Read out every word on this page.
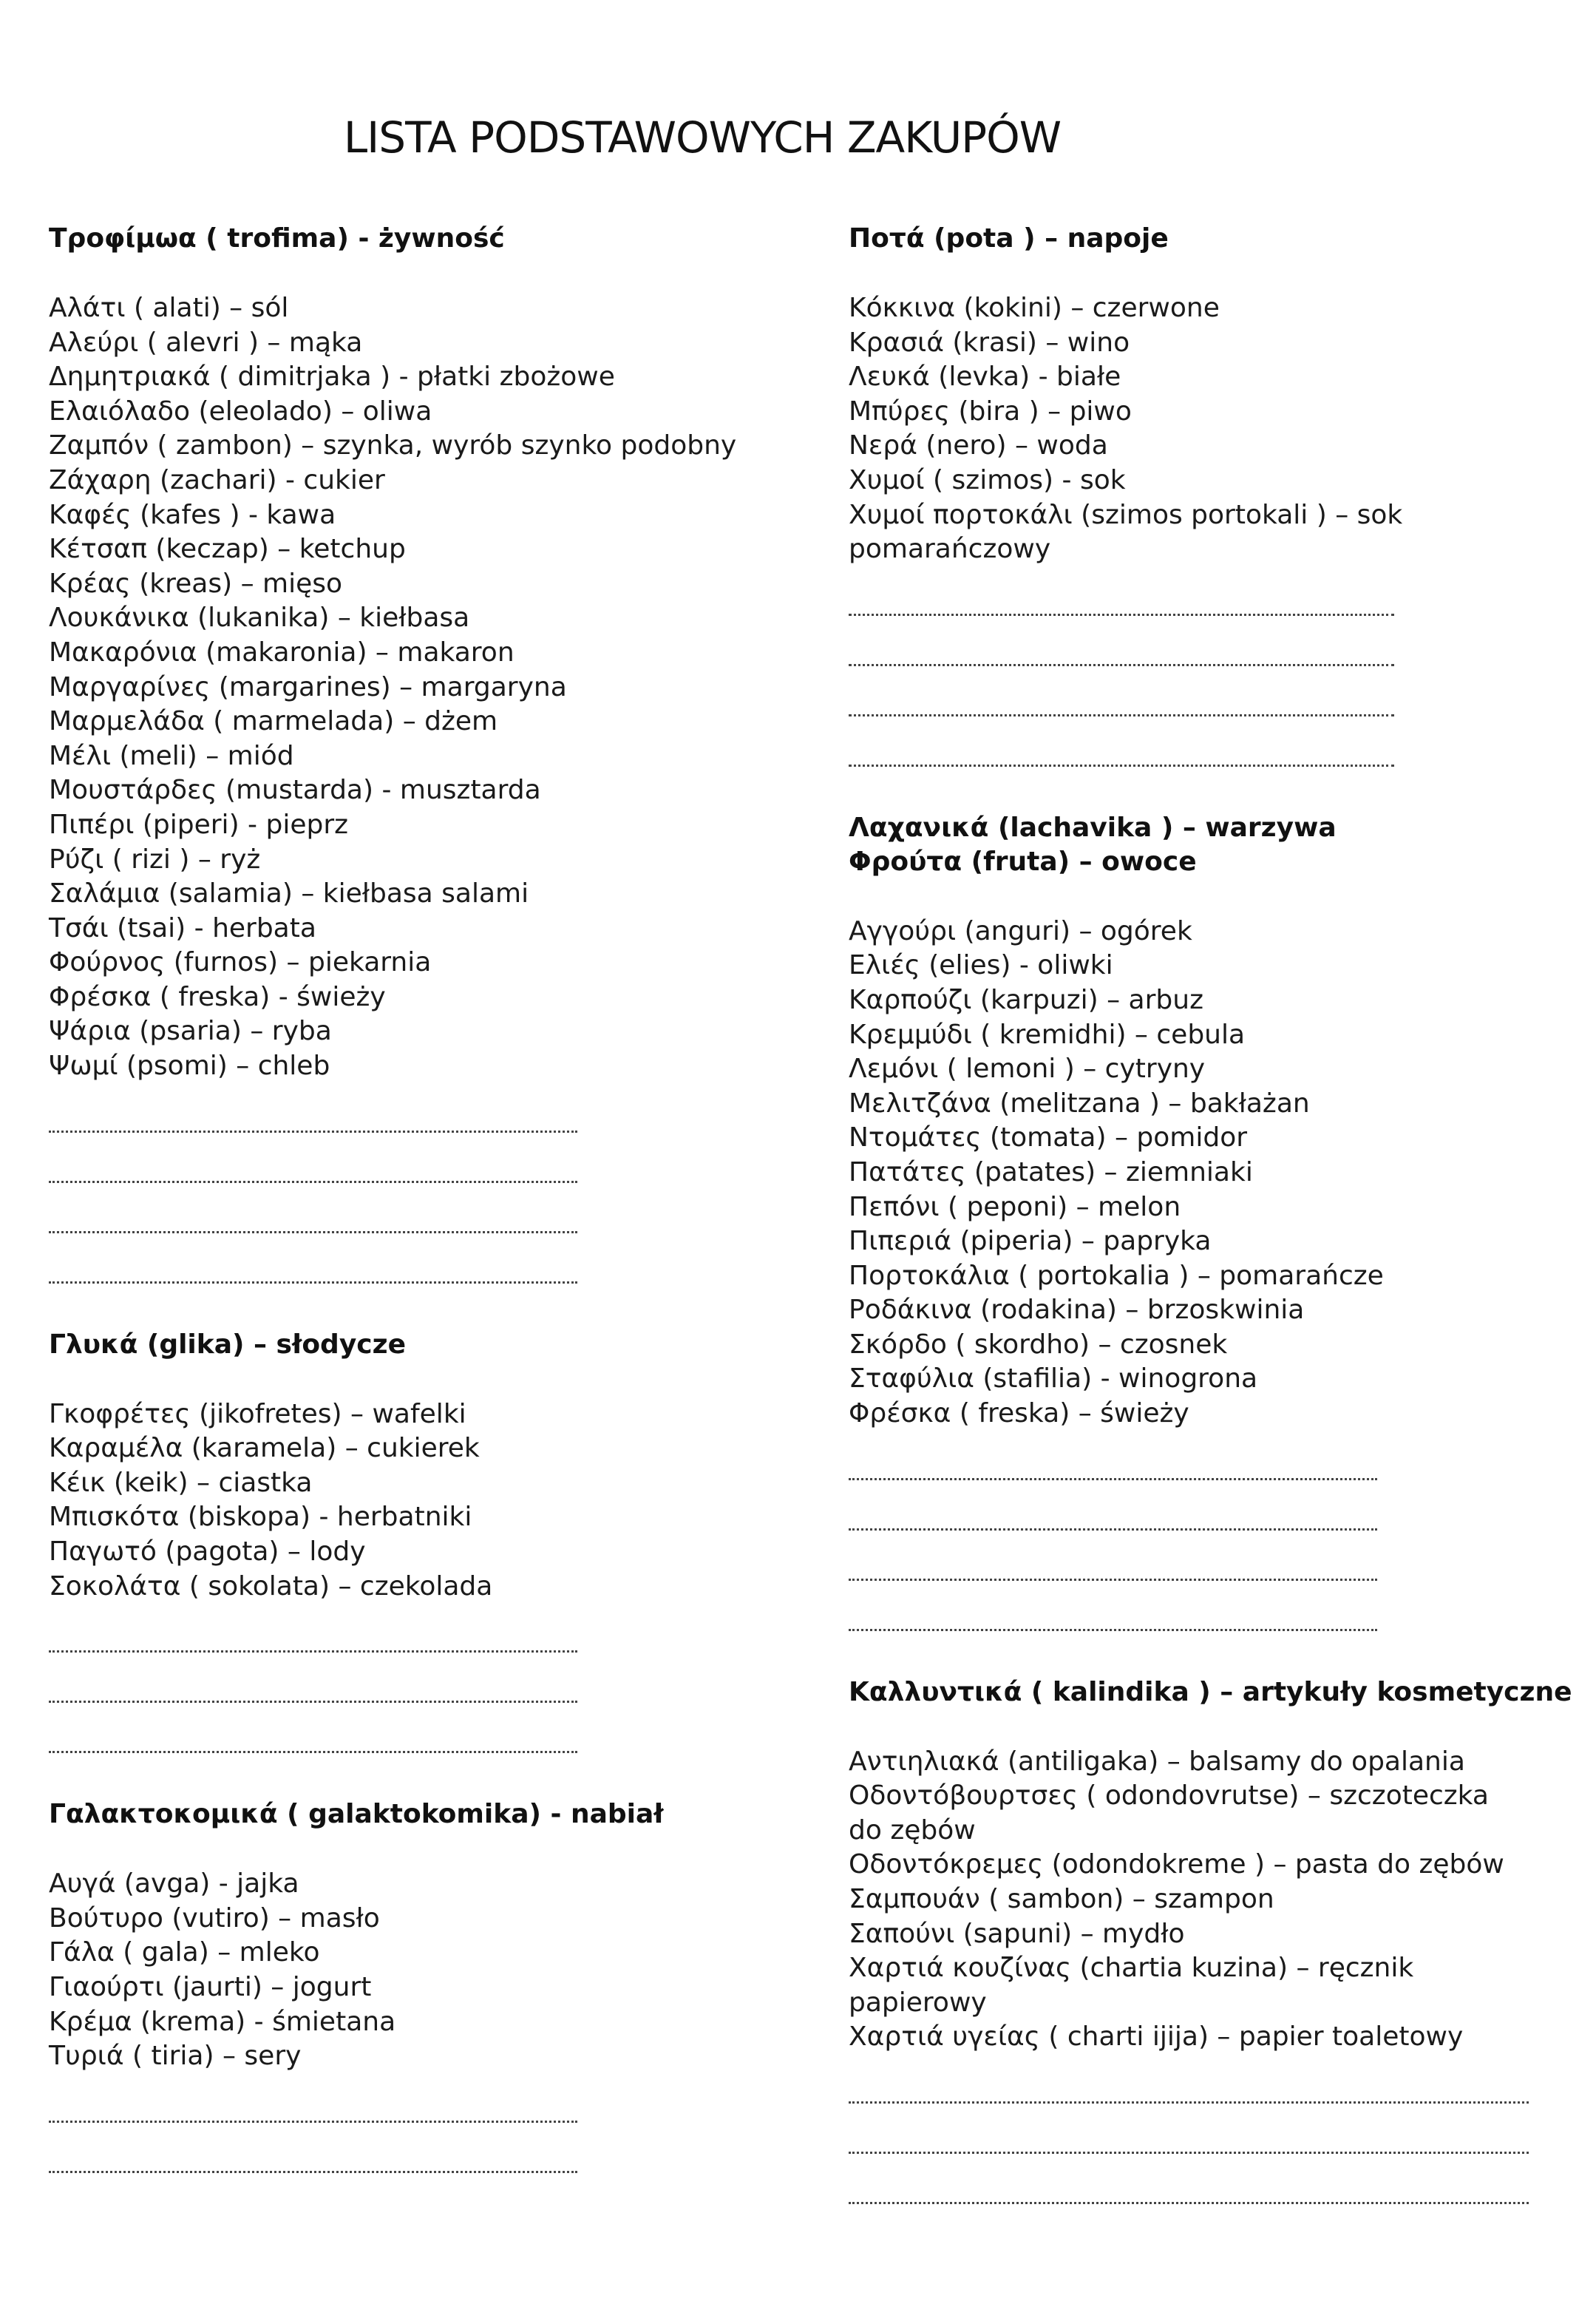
LISTA PODSTAWOWYCH ZAKUPÓW
Τροφίμωα ( trofima) - żywność
Αλάτι ( alati) – sól
Αλεύρι ( alevri ) – mąka
Δημητριακά ( dimitrjaka ) - płatki zbożowe
Ελαιόλαδο (eleolado) – oliwa
Ζαμπόν ( zambon) – szynka, wyrób szynko podobny
Ζάχαρη (zachari) - cukier
Καφές (kafes ) - kawa
Κέτσαπ (keczap) – ketchup
Κρέας (kreas) – mięso
Λουκάνικα (lukanika) – kiełbasa
Μακαρόνια (makaronia) – makaron
Μαργαρίνες (margarines) – margaryna
Μαρμελάδα ( marmelada) – dżem
Μέλι (meli) – miód
Μουστάρδες (mustarda) - musztarda
Πιπέρι (piperi) - pieprz
Ρύζι ( rizi ) – ryż
Σαλάμια (salamia) – kiełbasa salami
Τσάι (tsai) - herbata
Φούρνος (furnos) – piekarnia
Φρέσκα ( freska) - świeży
Ψάρια (psaria) – ryba
Ψωμί (psomi) – chleb
Γλυκά (glika) – słodycze
Γκοφρέτες (jikofretes) – wafelki
Καραμέλα (karamela) – cukierek
Κέικ (keik) – ciastka
Μπισκότα (biskopa) - herbatniki
Παγωτό (pagota) – lody
Σοκολάτα ( sokolata) – czekolada
Γαλακτοκομικά ( galaktokomika) - nabiał
Αυγά (avga) - jajka
Βούτυρο (vutiro) – masło
Γάλα ( gala) – mleko
Γιαούρτι (jaurti) – jogurt
Κρέμα (krema) - śmietana
Τυριά ( tiria) – sery
Ποτά (pota ) – napoje
Κόκκινα (kokini) – czerwone
Κρασιά (krasi) – wino
Λευκά (levka) - białe
Μπύρες (bira ) – piwo
Νερά (nero) – woda
Χυμοί ( szimos) - sok
Χυμοί πορτοκάλι (szimos portokali ) – sok pomarańczowy
Λαχανικά (lachavika ) – warzywa
Φρούτα (fruta) – owoce
Αγγούρι (anguri) – ogórek
Ελιές (elies) - oliwki
Καρπούζι (karpuzi) – arbuz
Κρεμμύδι ( kremidhi) – cebula
Λεμόνι ( lemoni ) – cytryny
Μελιτζάνα (melitzana ) – bakłażan
Ντομάτες (tomata) – pomidor
Πατάτες (patates) – ziemniaki
Πεπόνι ( peponi) – melon
Πιπεριά (piperia) – papryka
Πορτοκάλια ( portokalia ) – pomarańcze
Ροδάκινα (rodakina) – brzoskwinia
Σκόρδο ( skordho) – czosnek
Σταφύλια (stafilia) - winogrona
Φρέσκα ( freska) – świeży
Καλλυντικά ( kalindika ) – artykuły kosmetyczne
Αντιηλιακά (antiligaka) – balsamy do opalania
Οδοντόβουρτσες ( odondovrutse) – szczoteczka do zębów
Οδοντόκρεμες (odondokreme ) – pasta do zębów
Σαμπουάν ( sambon) – szampon
Σαπούνι (sapuni) – mydło
Χαρτιά κουζίνας (chartia kuzina) – ręcznik papierowy
Χαρτιά υγείας ( charti ijija) – papier toaletowy
